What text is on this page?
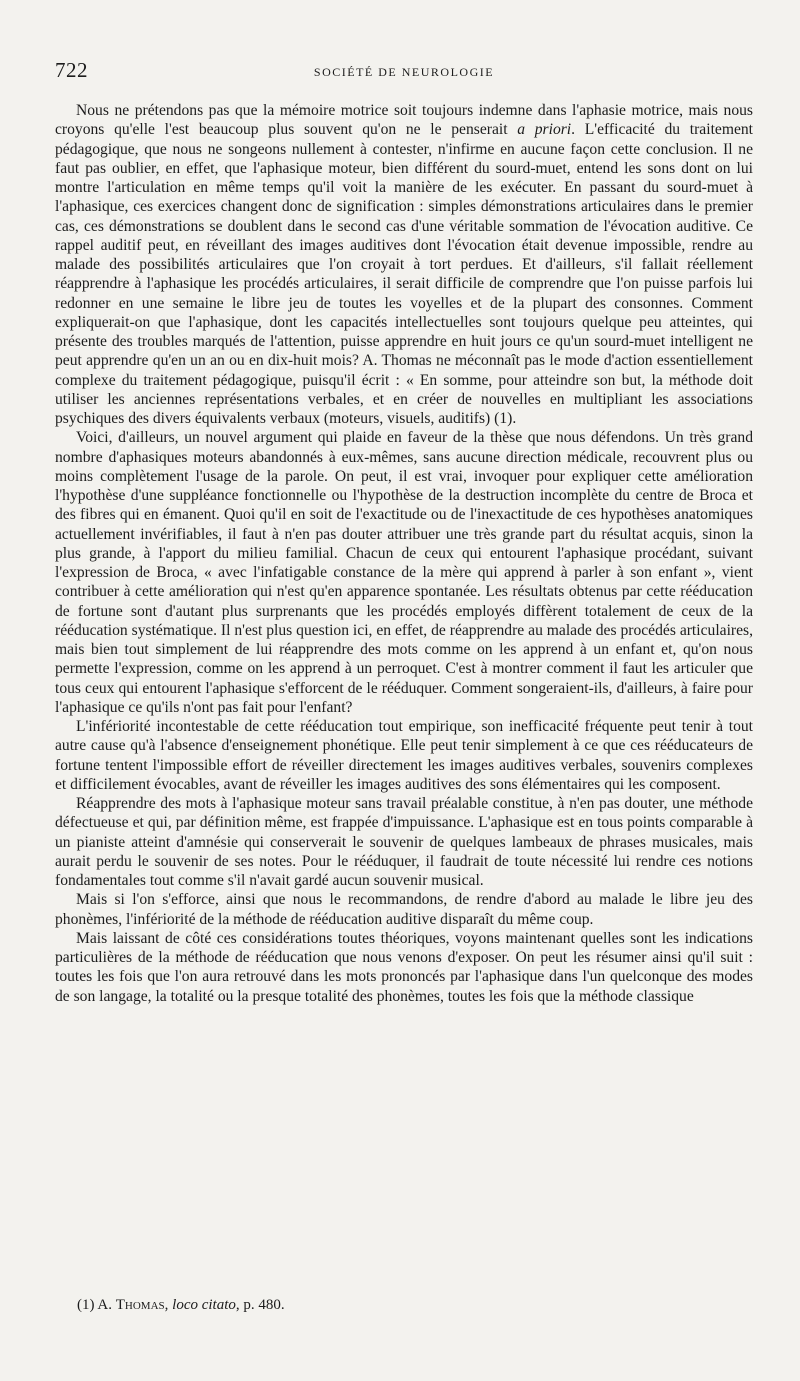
722	SOCIÉTÉ DE NEUROLOGIE

Nous ne prétendons pas que la mémoire motrice soit toujours indemne dans l'aphasie motrice, mais nous croyons qu'elle l'est beaucoup plus souvent qu'on ne le penserait a priori. L'efficacité du traitement pédagogique, que nous ne songeons nullement à contester, n'infirme en aucune façon cette conclusion. Il ne faut pas oublier, en effet, que l'aphasique moteur, bien différent du sourd-muet, entend les sons dont on lui montre l'articulation en même temps qu'il voit la manière de les exécuter. En passant du sourd-muet à l'aphasique, ces exercices changent donc de signification : simples démonstrations articulaires dans le premier cas, ces démonstrations se doublent dans le second cas d'une véritable sommation de l'évocation auditive. Ce rappel auditif peut, en réveillant des images auditives dont l'évocation était devenue impossible, rendre au malade des possibilités articulaires que l'on croyait à tort perdues. Et d'ailleurs, s'il fallait réellement réapprendre à l'aphasique les procédés articulaires, il serait difficile de comprendre que l'on puisse parfois lui redonner en une semaine le libre jeu de toutes les voyelles et de la plupart des consonnes. Comment expliquerait-on que l'aphasique, dont les capacités intellectuelles sont toujours quelque peu atteintes, qui présente des troubles marqués de l'attention, puisse apprendre en huit jours ce qu'un sourd-muet intelligent ne peut apprendre qu'en un an ou en dix-huit mois? A. Thomas ne méconnaît pas le mode d'action essentiellement complexe du traitement pédagogique, puisqu'il écrit : « En somme, pour atteindre son but, la méthode doit utiliser les anciennes représentations verbales, et en créer de nouvelles en multipliant les associations psychiques des divers équivalents verbaux (moteurs, visuels, auditifs) (1).

Voici, d'ailleurs, un nouvel argument qui plaide en faveur de la thèse que nous défendons. Un très grand nombre d'aphasiques moteurs abandonnés à eux-mêmes, sans aucune direction médicale, recouvrent plus ou moins complètement l'usage de la parole. On peut, il est vrai, invoquer pour expliquer cette amélioration l'hypothèse d'une suppléance fonctionnelle ou l'hypothèse de la destruction incomplète du centre de Broca et des fibres qui en émanent. Quoi qu'il en soit de l'exactitude ou de l'inexactitude de ces hypothèses anatomiques actuellement invérifiables, il faut à n'en pas douter attribuer une très grande part du résultat acquis, sinon la plus grande, à l'apport du milieu familial. Chacun de ceux qui entourent l'aphasique procédant, suivant l'expression de Broca, « avec l'infatigable constance de la mère qui apprend à parler à son enfant », vient contribuer à cette amélioration qui n'est qu'en apparence spontanée. Les résultats obtenus par cette rééducation de fortune sont d'autant plus surprenants que les procédés employés diffèrent totalement de ceux de la rééducation systématique. Il n'est plus question ici, en effet, de réapprendre au malade des procédés articulaires, mais bien tout simplement de lui réapprendre des mots comme on les apprend à un enfant et, qu'on nous permette l'expression, comme on les apprend à un perroquet. C'est à montrer comment il faut les articuler que tous ceux qui entourent l'aphasique s'efforcent de le rééduquer. Comment songeraient-ils, d'ailleurs, à faire pour l'aphasique ce qu'ils n'ont pas fait pour l'enfant?

L'infériorité incontestable de cette rééducation tout empirique, son inefficacité fréquente peut tenir à tout autre cause qu'à l'absence d'enseignement phonétique. Elle peut tenir simplement à ce que ces rééducateurs de fortune tentent l'impossible effort de réveiller directement les images auditives verbales, souvenirs complexes et difficilement évocables, avant de réveiller les images auditives des sons élémentaires qui les composent.

Réapprendre des mots à l'aphasique moteur sans travail préalable constitue, à n'en pas douter, une méthode défectueuse et qui, par définition même, est frappée d'impuissance. L'aphasique est en tous points comparable à un pianiste atteint d'amnésie qui conserverait le souvenir de quelques lambeaux de phrases musicales, mais aurait perdu le souvenir de ses notes. Pour le rééduquer, il faudrait de toute nécessité lui rendre ces notions fondamentales tout comme s'il n'avait gardé aucun souvenir musical.

Mais si l'on s'efforce, ainsi que nous le recommandons, de rendre d'abord au malade le libre jeu des phonèmes, l'infériorité de la méthode de rééducation auditive disparaît du même coup.

Mais laissant de côté ces considérations toutes théoriques, voyons maintenant quelles sont les indications particulières de la méthode de rééducation que nous venons d'exposer. On peut les résumer ainsi qu'il suit : toutes les fois que l'on aura retrouvé dans les mots prononcés par l'aphasique dans l'un quelconque des modes de son langage, la totalité ou la presque totalité des phonèmes, toutes les fois que la méthode classique

(1) A. Thomas, loco citato, p. 480.
